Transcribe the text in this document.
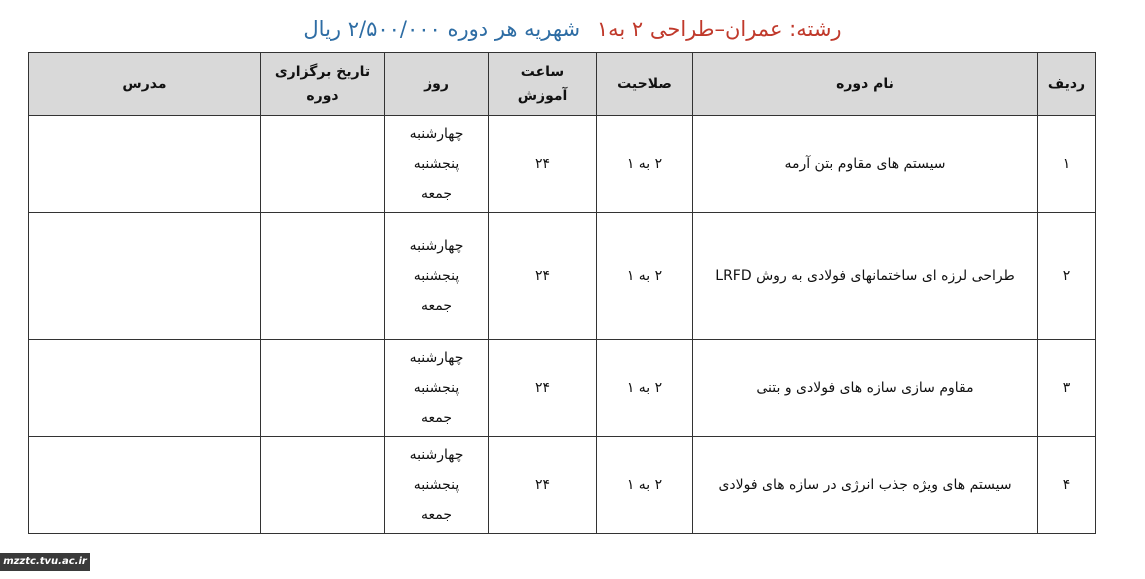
رشته: عمران–طراحی ۲ به۱ شهریه هر دوره ۲/۵۰۰/۰۰۰ ریال
ردیف	نام دوره	صلاحیت	ساعت آموزش	روز	تاریخ برگزاری دوره	مدرس
۱	سیستم های مقاوم بتن آرمه	۲ به ۱	۲۴	چهارشنبه
پنجشنبه
جمعه		

۲	طراحی لرزه ای ساختمانهای فولادی به روش LRFD	۲ به ۱	۲۴	چهارشنبه
پنجشنبه
جمعه		

۳	مقاوم سازی سازه های فولادی و بتنی	۲ به ۱	۲۴	چهارشنبه
پنجشنبه
جمعه		

۴	سیستم های ویژه جذب انرژی در سازه های فولادی	۲ به ۱	۲۴	چهارشنبه
پنجشنبه
جمعه		

mzztc.tvu.ac.ir
